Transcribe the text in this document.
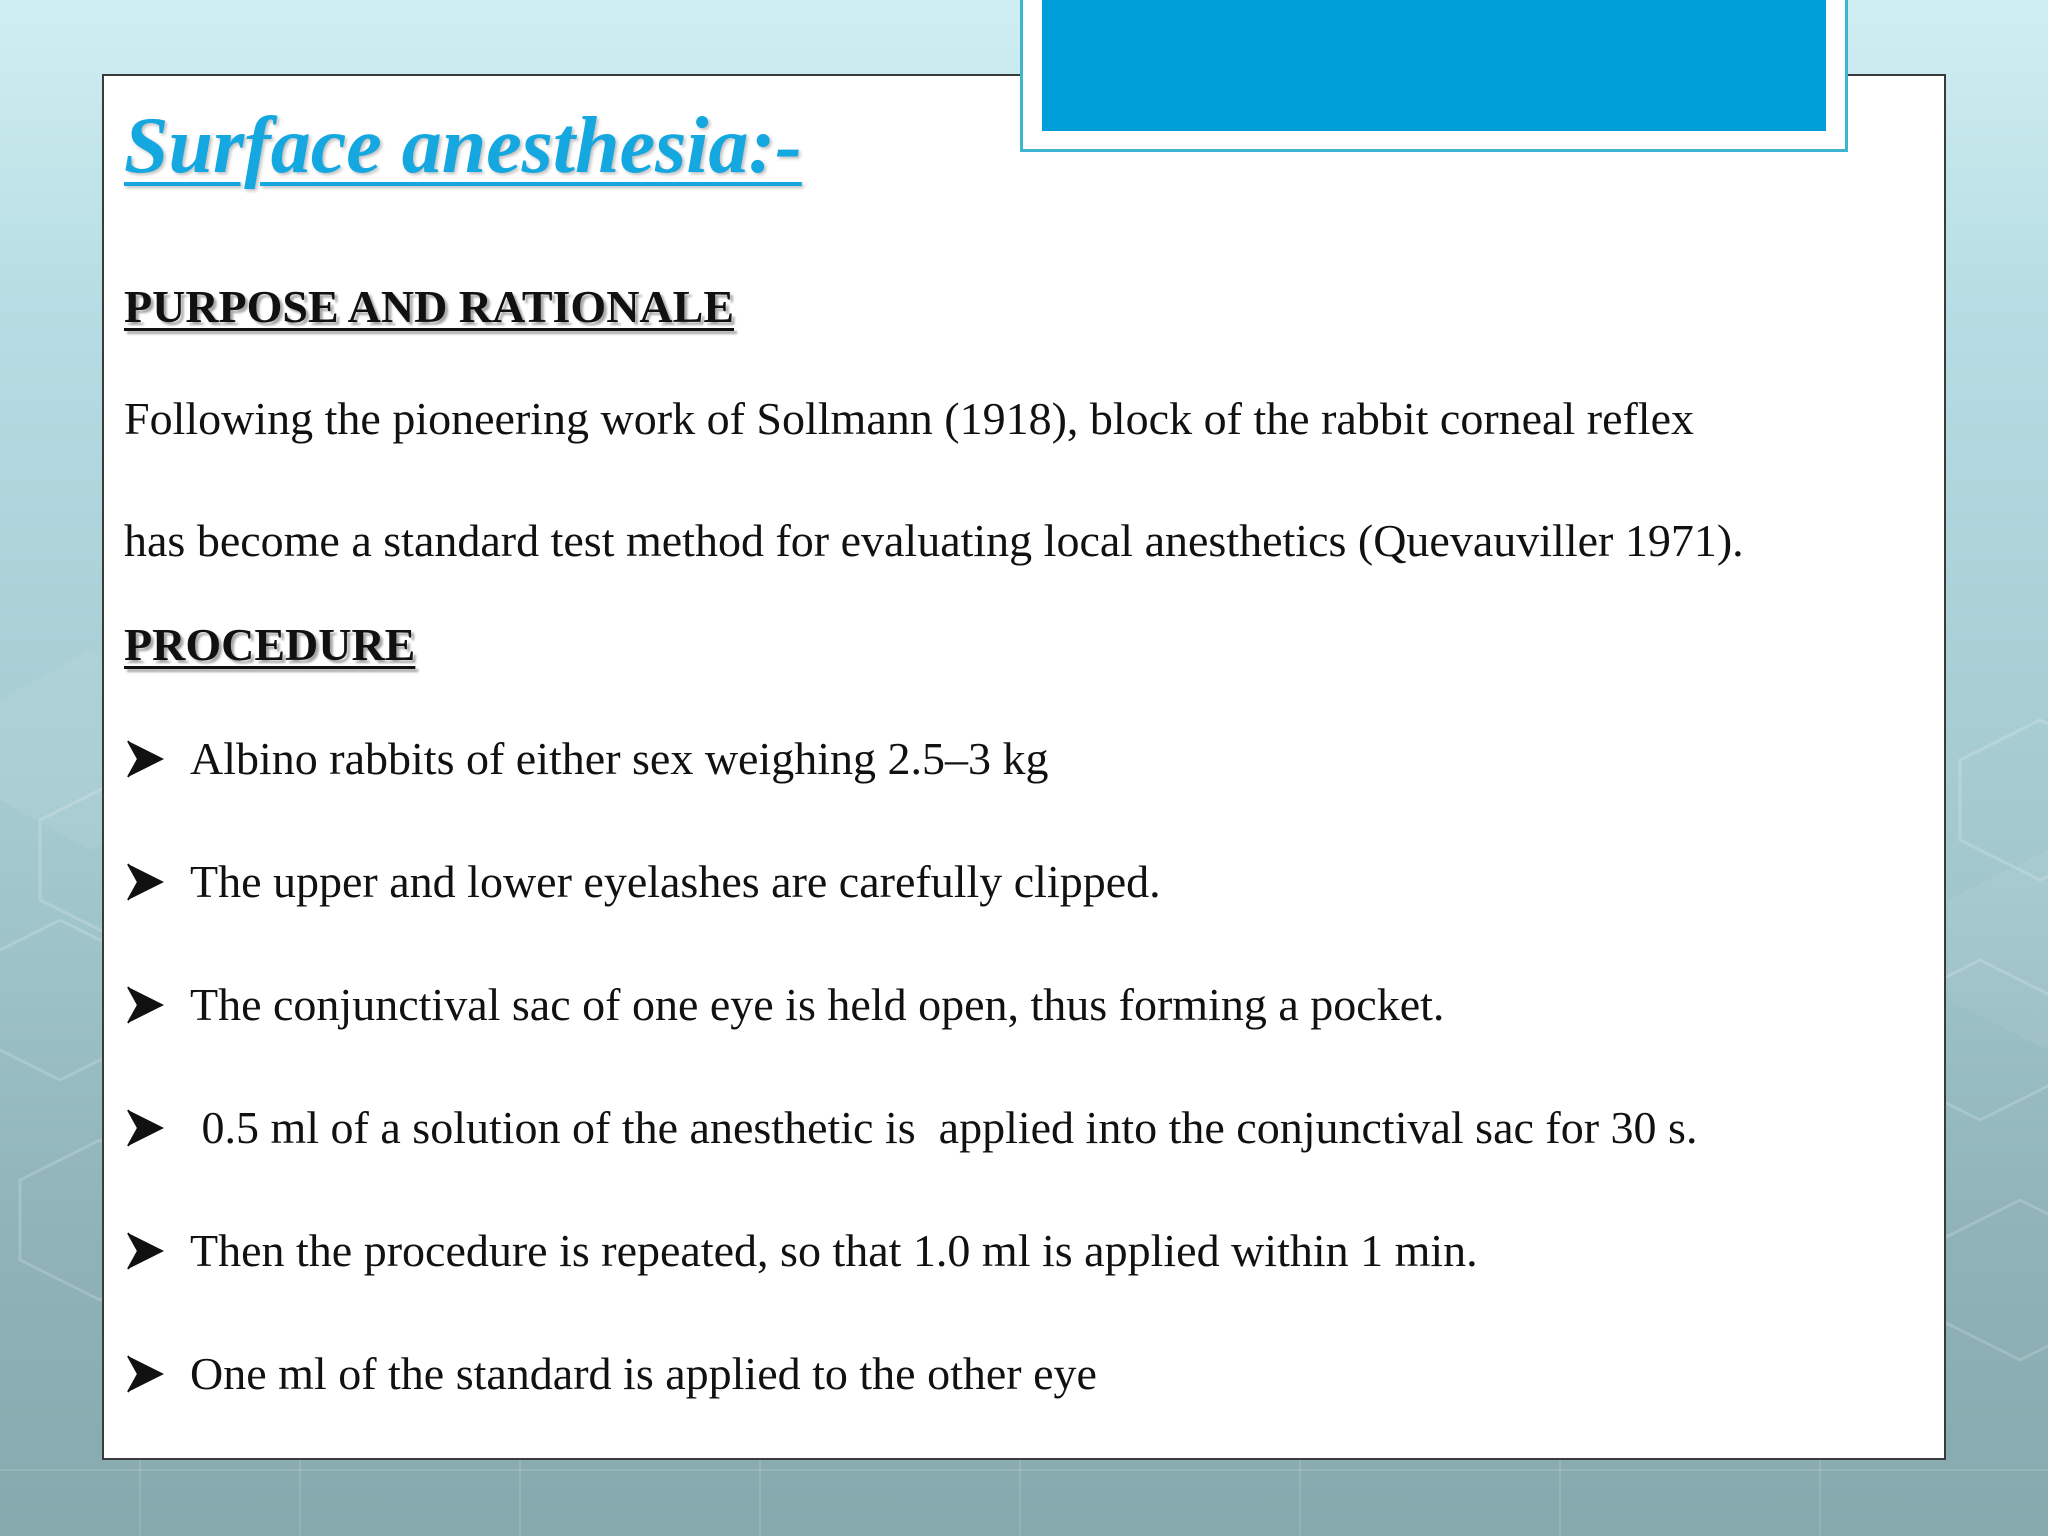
Surface anesthesia:-
PURPOSE AND RATIONALE

Following the pioneering work of Sollmann (1918), block of the rabbit corneal reflex

has become a standard test method for evaluating local anesthetics (Quevauviller 1971).

PROCEDURE
Albino rabbits of either sex weighing 2.5–3 kg
The upper and lower eyelashes are carefully clipped.
The conjunctival sac of one eye is held open, thus forming a pocket.
0.5 ml of a solution of the anesthetic is  applied into the conjunctival sac for 30 s.
Then the procedure is repeated, so that 1.0 ml is applied within 1 min.
One ml of the standard is applied to the other eye
